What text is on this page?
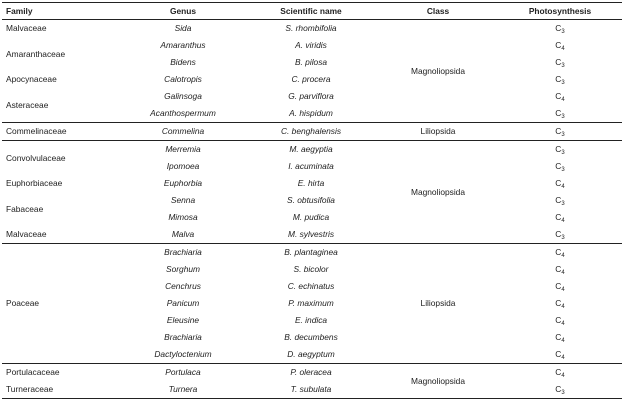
Family	Genus	Scientific name	Class	Photosynthesis
Malvaceae	Sida	S. rhombifolia	Magnoliopsida	$C_3$
Amaranthaceae	Amaranthus	A. viridis		$C_4$
	Bidens	B. pilosa		$C_3$
Apocynaceae	Calotropis	C. procera		$C_3$
Asteraceae	Galinsoga	G. parviflora		$C_4$
	Acanthospermum	A. hispidum		$C_3$
Commelinaceae	Commelina	C. benghalensis	Liliopsida	$C_3$
Convolvulaceae	Merremia	M. aegyptia	Magnoliopsida	$C_3$
	Ipomoea	I. acuminata		$C_3$
Euphorbiaceae	Euphorbia	E. hirta		$C_4$
Fabaceae	Senna	S. obtusifolia		$C_3$
	Mimosa	M. pudica		$C_4$
Malvaceae	Malva	M. sylvestris		$C_3$
Poaceae	Brachiaria	B. plantaginea	Liliopsida	$C_4$
	Sorghum	S. bicolor		$C_4$
	Cenchrus	C. echinatus		$C_4$
	Panicum	P. maximum		$C_4$
	Eleusine	E. indica		$C_4$
	Brachiaria	B. decumbens		$C_4$
	Dactyloctenium	D. aegyptum		$C_4$
Portulacaceae	Portulaca	P. oleracea	Magnoliopsida	$C_4$
Turneraceae	Turnera	T. subulata		$C_3$
